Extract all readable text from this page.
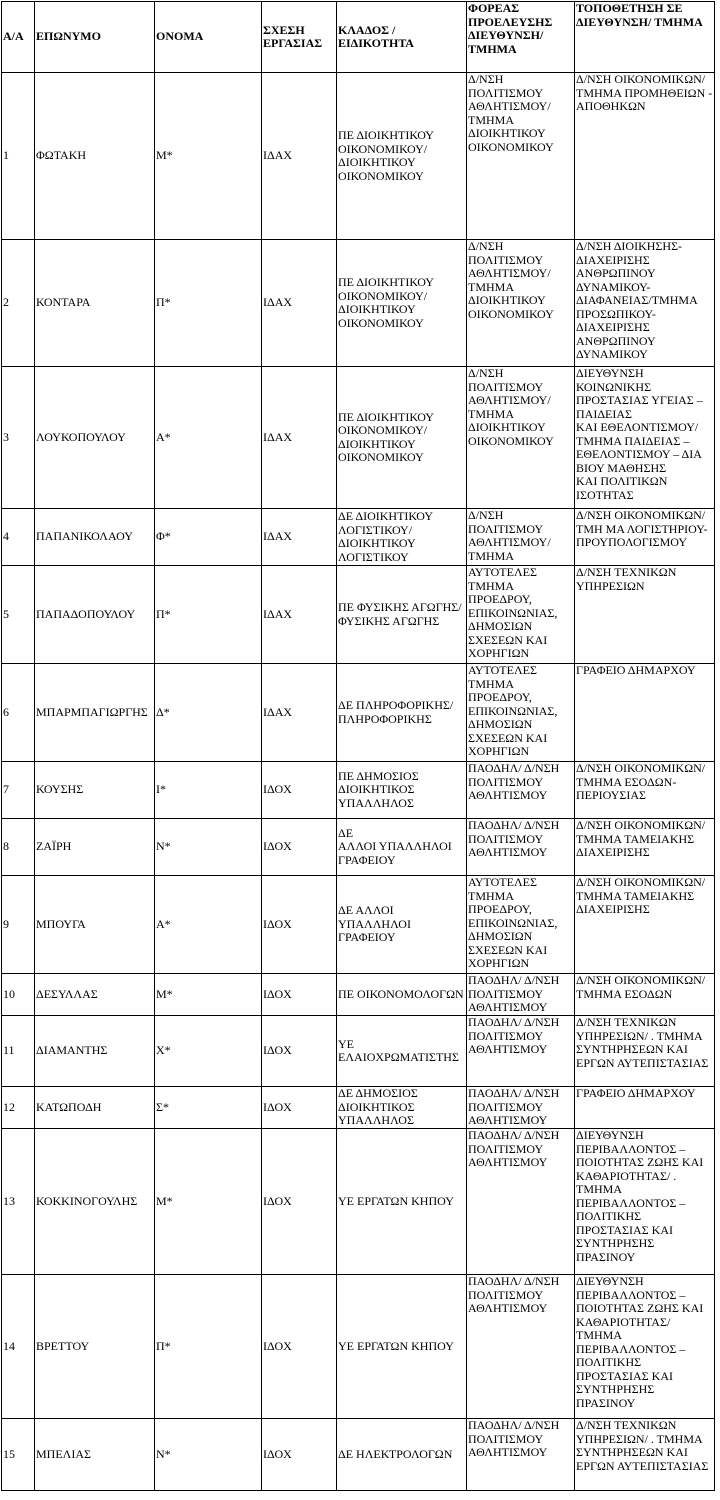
Α/Α	ΕΠΩΝΥΜΟ	ΟΝΟΜΑ	ΣΧΕΣΗ ΕΡΓΑΣΙΑΣ	ΚΛΑΔΟΣ / ΕΙΔΙΚΟΤΗΤΑ	ΦΟΡΕΑΣ ΠΡΟΕΛΕΥΣΗΣ ΔΙΕΥΘΥΝΣΗ/ ΤΜΗΜΑ	ΤΟΠΟΘΕΤΗΣΗ ΣΕ ΔΙΕΥΘΥΝΣΗ/ ΤΜΗΜΑ
1	ΦΩΤΑΚΗ	Μ*	ΙΔΑΧ	ΠΕ ΔΙΟΙΚΗΤΙΚΟΥ ΟΙΚΟΝΟΜΙΚΟΥ/ ΔΙΟΙΚΗΤΙΚΟΥ ΟΙΚΟΝΟΜΙΚΟΥ	Δ/ΝΣΗ ΠΟΛΙΤΙΣΜΟΥ ΑΘΛΗΤΙΣΜΟΥ/ ΤΜΗΜΑ ΔΙΟΙΚΗΤΙΚΟΥ ΟΙΚΟΝΟΜΙΚΟΥ	Δ/ΝΣΗ ΟΙΚΟΝΟΜΙΚΩΝ/ ΤΜΗΜΑ ΠΡΟΜΗΘΕΙΩΝ - ΑΠΟΘΗΚΩΝ
2	ΚΟΝΤΑΡΑ	Π*	ΙΔΑΧ	ΠΕ ΔΙΟΙΚΗΤΙΚΟΥ ΟΙΚΟΝΟΜΙΚΟΥ/ ΔΙΟΙΚΗΤΙΚΟΥ ΟΙΚΟΝΟΜΙΚΟΥ	Δ/ΝΣΗ ΠΟΛΙΤΙΣΜΟΥ ΑΘΛΗΤΙΣΜΟΥ/ ΤΜΗΜΑ ΔΙΟΙΚΗΤΙΚΟΥ ΟΙΚΟΝΟΜΙΚΟΥ	Δ/ΝΣΗ ΔΙΟΙΚΗΣΗΣ- ΔΙΑΧΕΙΡΙΣΗΣ ΑΝΘΡΩΠΙΝΟΥ ΔΥΝΑΜΙΚΟΥ- ΔΙΑΦΑΝΕΙΑΣ/ΤΜΗΜΑ ΠΡΟΣΩΠΙΚΟΥ- ΔΙΑΧΕΙΡΙΣΗΣ ΑΝΘΡΩΠΙΝΟΥ ΔΥΝΑΜΙΚΟΥ
3	ΛΟΥΚΟΠΟΥΛΟΥ	Α*	ΙΔΑΧ	ΠΕ ΔΙΟΙΚΗΤΙΚΟΥ ΟΙΚΟΝΟΜΙΚΟΥ/ ΔΙΟΙΚΗΤΙΚΟΥ ΟΙΚΟΝΟΜΙΚΟΥ	Δ/ΝΣΗ ΠΟΛΙΤΙΣΜΟΥ ΑΘΛΗΤΙΣΜΟΥ/ ΤΜΗΜΑ ΔΙΟΙΚΗΤΙΚΟΥ ΟΙΚΟΝΟΜΙΚΟΥ	ΔΙΕΥΘΥΝΣΗ ΚΟΙΝΩΝΙΚΗΣ ΠΡΟΣΤΑΣΙΑΣ ΥΓΕΙΑΣ – ΠΑΙΔΕΙΑΣ
ΚΑΙ ΕΘΕΛΟΝΤΙΣΜΟΥ/ ΤΜΗΜΑ ΠΑΙΔΕΙΑΣ – ΕΘΕΛΟΝΤΙΣΜΟΥ – ΔΙΑ ΒΙΟΥ ΜΑΘΗΣΗΣ
ΚΑΙ ΠΟΛΙΤΙΚΩΝ ΙΣΟΤΗΤΑΣ
4	ΠΑΠΑΝΙΚΟΛΑΟΥ	Φ*	ΙΔΑΧ	ΔΕ ΔΙΟΙΚΗΤΙΚΟΥ ΛΟΓΙΣΤΙΚΟΥ/ ΔΙΟΙΚΗΤΙΚΟΥ ΛΟΓΙΣΤΙΚΟΥ	Δ/ΝΣΗ ΠΟΛΙΤΙΣΜΟΥ ΑΘΛΗΤΙΣΜΟΥ/ ΤΜΗΜΑ	Δ/ΝΣΗ ΟΙΚΟΝΟΜΙΚΩΝ/ΤΜΗ ΜΑ ΛΟΓΙΣΤΗΡΙΟΥ- ΠΡΟΥΠΟΛΟΓΙΣΜΟΥ
5	ΠΑΠΑΔΟΠΟΥΛΟΥ	Π*	ΙΔΑΧ	ΠΕ ΦΥΣΙΚΗΣ ΑΓΩΓΗΣ/ ΦΥΣΙΚΗΣ ΑΓΩΓΗΣ	ΑΥΤΟΤΕΛΕΣ ΤΜΗΜΑ ΠΡΟΕΔΡΟΥ, ΕΠΙΚΟΙΝΩΝΙΑΣ, ΔΗΜΟΣΙΩΝ ΣΧΕΣΕΩΝ ΚΑΙ ΧΟΡΗΓΙΩΝ	Δ/ΝΣΗ ΤΕΧΝΙΚΩΝ ΥΠΗΡΕΣΙΩΝ
6	ΜΠΑΡΜΠΑΓΙΩΡΓΗΣ	Δ*	ΙΔΑΧ	ΔΕ ΠΛΗΡΟΦΟΡΙΚΗΣ/ ΠΛΗΡΟΦΟΡΙΚΗΣ	ΑΥΤΟΤΕΛΕΣ ΤΜΗΜΑ ΠΡΟΕΔΡΟΥ, ΕΠΙΚΟΙΝΩΝΙΑΣ, ΔΗΜΟΣΙΩΝ ΣΧΕΣΕΩΝ ΚΑΙ ΧΟΡΗΓΙΩΝ	ΓΡΑΦΕΙΟ ΔΗΜΑΡΧΟΥ
7	ΚΟΥΣΗΣ	Ι*	ΙΔΟΧ	ΠΕ ΔΗΜΟΣΙΟΣ ΔΙΟΙΚΗΤΙΚΟΣ ΥΠΑΛΛΗΛΟΣ	ΠΑΟΔΗΛ/ Δ/ΝΣΗ ΠΟΛΙΤΙΣΜΟΥ ΑΘΛΗΤΙΣΜΟΥ	Δ/ΝΣΗ ΟΙΚΟΝΟΜΙΚΩΝ/ ΤΜΗΜΑ ΕΣΟΔΩΝ- ΠΕΡΙΟΥΣΙΑΣ
8	ΖΑΪΡΗ	Ν*	ΙΔΟΧ	ΔΕ
ΑΛΛΟΙ ΥΠΑΛΛΗΛΟΙ ΓΡΑΦΕΙΟΥ	ΠΑΟΔΗΛ/ Δ/ΝΣΗ ΠΟΛΙΤΙΣΜΟΥ ΑΘΛΗΤΙΣΜΟΥ	Δ/ΝΣΗ ΟΙΚΟΝΟΜΙΚΩΝ/ ΤΜΗΜΑ ΤΑΜΕΙΑΚΗΣ ΔΙΑΧΕΙΡΙΣΗΣ
9	ΜΠΟΥΓΑ	Α*	ΙΔΟΧ	ΔΕ ΑΛΛΟΙ ΥΠΑΛΛΗΛΟΙ ΓΡΑΦΕΙΟΥ	ΑΥΤΟΤΕΛΕΣ ΤΜΗΜΑ ΠΡΟΕΔΡΟΥ, ΕΠΙΚΟΙΝΩΝΙΑΣ, ΔΗΜΟΣΙΩΝ ΣΧΕΣΕΩΝ ΚΑΙ ΧΟΡΗΓΙΩΝ	Δ/ΝΣΗ ΟΙΚΟΝΟΜΙΚΩΝ/ ΤΜΗΜΑ ΤΑΜΕΙΑΚΗΣ ΔΙΑΧΕΙΡΙΣΗΣ
10	ΔΕΣΥΛΛΑΣ	Μ*	ΙΔΟΧ	ΠΕ ΟΙΚΟΝΟΜΟΛΟΓΩΝ	ΠΑΟΔΗΛ/ Δ/ΝΣΗ ΠΟΛΙΤΙΣΜΟΥ ΑΘΛΗΤΙΣΜΟΥ	Δ/ΝΣΗ ΟΙΚΟΝΟΜΙΚΩΝ/ ΤΜΗΜΑ ΕΣΟΔΩΝ
11	ΔΙΑΜΑΝΤΗΣ	Χ*	ΙΔΟΧ	ΥΕ ΕΛΑΙΟΧΡΩΜΑΤΙΣΤΗΣ	ΠΑΟΔΗΛ/ Δ/ΝΣΗ ΠΟΛΙΤΙΣΜΟΥ ΑΘΛΗΤΙΣΜΟΥ	Δ/ΝΣΗ ΤΕΧΝΙΚΩΝ ΥΠΗΡΕΣΙΩΝ/ . ΤΜΗΜΑ ΣΥΝΤΗΡΗΣΕΩΝ ΚΑΙ ΕΡΓΩΝ ΑΥΤΕΠΙΣΤΑΣΙΑΣ
12	ΚΑΤΩΠΟΔΗ	Σ*	ΙΔΟΧ	ΔΕ ΔΗΜΟΣΙΟΣ ΔΙΟΙΚΗΤΙΚΟΣ ΥΠΑΛΛΗΛΟΣ	ΠΑΟΔΗΛ/ Δ/ΝΣΗ ΠΟΛΙΤΙΣΜΟΥ ΑΘΛΗΤΙΣΜΟΥ	ΓΡΑΦΕΙΟ ΔΗΜΑΡΧΟΥ
13	ΚΟΚΚΙΝΟΓΟΥΛΗΣ	Μ*	ΙΔΟΧ	ΥΕ ΕΡΓΑΤΩΝ ΚΗΠΟΥ	ΠΑΟΔΗΛ/ Δ/ΝΣΗ ΠΟΛΙΤΙΣΜΟΥ ΑΘΛΗΤΙΣΜΟΥ	ΔΙΕΥΘΥΝΣΗ ΠΕΡΙΒΑΛΛΟΝΤΟΣ – ΠΟΙΟΤΗΤΑΣ ΖΩΗΣ ΚΑΙ ΚΑΘΑΡΙΟΤΗΤΑΣ/ . ΤΜΗΜΑ ΠΕΡΙΒΑΛΛΟΝΤΟΣ – ΠΟΛΙΤΙΚΗΣ ΠΡΟΣΤΑΣΙΑΣ ΚΑΙ ΣΥΝΤΗΡΗΣΗΣ ΠΡΑΣΙΝΟΥ
14	ΒΡΕΤΤΟΥ	Π*	ΙΔΟΧ	ΥΕ ΕΡΓΑΤΩΝ ΚΗΠΟΥ	ΠΑΟΔΗΛ/ Δ/ΝΣΗ ΠΟΛΙΤΙΣΜΟΥ ΑΘΛΗΤΙΣΜΟΥ	ΔΙΕΥΘΥΝΣΗ ΠΕΡΙΒΑΛΛΟΝΤΟΣ – ΠΟΙΟΤΗΤΑΣ ΖΩΗΣ ΚΑΙ ΚΑΘΑΡΙΟΤΗΤΑΣ/ ΤΜΗΜΑ ΠΕΡΙΒΑΛΛΟΝΤΟΣ – ΠΟΛΙΤΙΚΗΣ ΠΡΟΣΤΑΣΙΑΣ ΚΑΙ ΣΥΝΤΗΡΗΣΗΣ ΠΡΑΣΙΝΟΥ
15	ΜΠΕΛΙΑΣ	Ν*	ΙΔΟΧ	ΔΕ ΗΛΕΚΤΡΟΛΟΓΩΝ	ΠΑΟΔΗΛ/ Δ/ΝΣΗ ΠΟΛΙΤΙΣΜΟΥ ΑΘΛΗΤΙΣΜΟΥ	Δ/ΝΣΗ ΤΕΧΝΙΚΩΝ ΥΠΗΡΕΣΙΩΝ/ . ΤΜΗΜΑ ΣΥΝΤΗΡΗΣΕΩΝ ΚΑΙ ΕΡΓΩΝ ΑΥΤΕΠΙΣΤΑΣΙΑΣ
